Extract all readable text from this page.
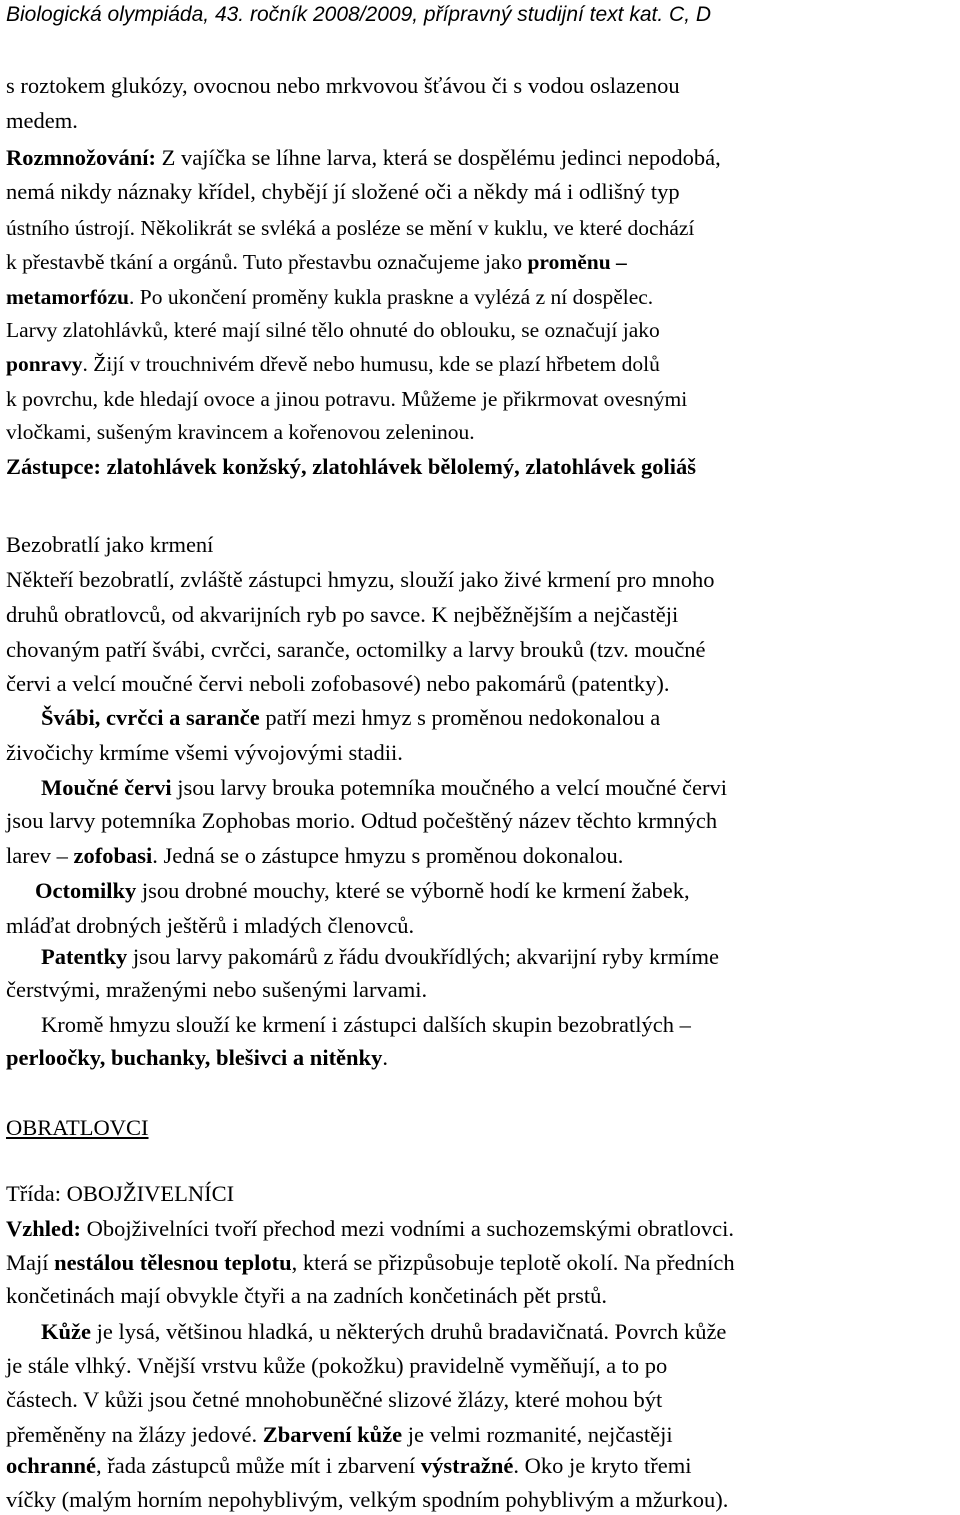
Biologická olympiáda, 43. ročník 2008/2009, přípravný studijní text kat. C, D
s roztokem glukózy, ovocnou nebo mrkvovou šťávou či s vodou oslazenou
medem.
Rozmnožování: Z vajíčka se líhne larva, která se dospělému jedinci nepodobá,
nemá nikdy náznaky křídel, chybějí jí složené oči a někdy má i odlišný typ
ústního ústrojí. Několikrát se svléká a posléze se mění v kuklu, ve které dochází
k přestavbě tkání a orgánů. Tuto přestavbu označujeme jako proměnu –
metamorfózu. Po ukončení proměny kukla praskne a vylézá z ní dospělec.
Larvy zlatohlávků, které mají silné tělo ohnuté do oblouku, se označují jako
ponravy. Žijí v trouchnivém dřevě nebo humusu, kde se plazí hřbetem dolů
k povrchu, kde hledají ovoce a jinou potravu. Můžeme je přikrmovat ovesnými
vločkami, sušeným kravincem a kořenovou zeleninou.
Zástupce: zlatohlávek konžský, zlatohlávek bělolemý, zlatohlávek goliáš
Bezobratlí jako krmení
Někteří bezobratlí, zvláště zástupci hmyzu, slouží jako živé krmení pro mnoho
druhů obratlovců, od akvarijních ryb po savce. K nejběžnějším a nejčastěji
chovaným patří švábi, cvrčci, saranče, octomilky a larvy brouků (tzv. moučné
červi a velcí moučné červi neboli zofobasové) nebo pakomárů (patentky).
Švábi, cvrčci a saranče patří mezi hmyz s proměnou nedokonalou a
živočichy krmíme všemi vývojovými stadii.
Moučné červi jsou larvy brouka potemníka moučného a velcí moučné červi
jsou larvy potemníka Zophobas morio. Odtud počeštěný název těchto krmných
larev – zofobasi. Jedná se o zástupce hmyzu s proměnou dokonalou.
Octomilky jsou drobné mouchy, které se výborně hodí ke krmení žabek,
mláďat drobných ještěrů i mladých členovců.
Patentky jsou larvy pakomárů z řádu dvoukřídlých; akvarijní ryby krmíme
čerstvými, mraženými nebo sušenými larvami.
Kromě hmyzu slouží ke krmení i zástupci dalších skupin bezobratlých –
perloočky, buchanky, blešivci a nitěnky.
OBRATLOVCI
Třída: OBOJŽIVELNÍCI
Vzhled: Obojživelníci tvoří přechod mezi vodními a suchozemskými obratlovci.
Mají nestálou tělesnou teplotu, která se přizpůsobuje teplotě okolí. Na předních
končetinách mají obvykle čtyři a na zadních končetinách pět prstů.
Kůže je lysá, většinou hladká, u některých druhů bradavičnatá. Povrch kůže
je stále vlhký. Vnější vrstvu kůže (pokožku) pravidelně vyměňují, a to po
částech. V kůži jsou četné mnohobuněčné slizové žlázy, které mohou být
přeměněny na žlázy jedové. Zbarvení kůže je velmi rozmanité, nejčastěji
ochranné, řada zástupců může mít i zbarvení výstražné. Oko je kryto třemi
víčky (malým horním nepohyblivým, velkým spodním pohyblivým a mžurkou).
